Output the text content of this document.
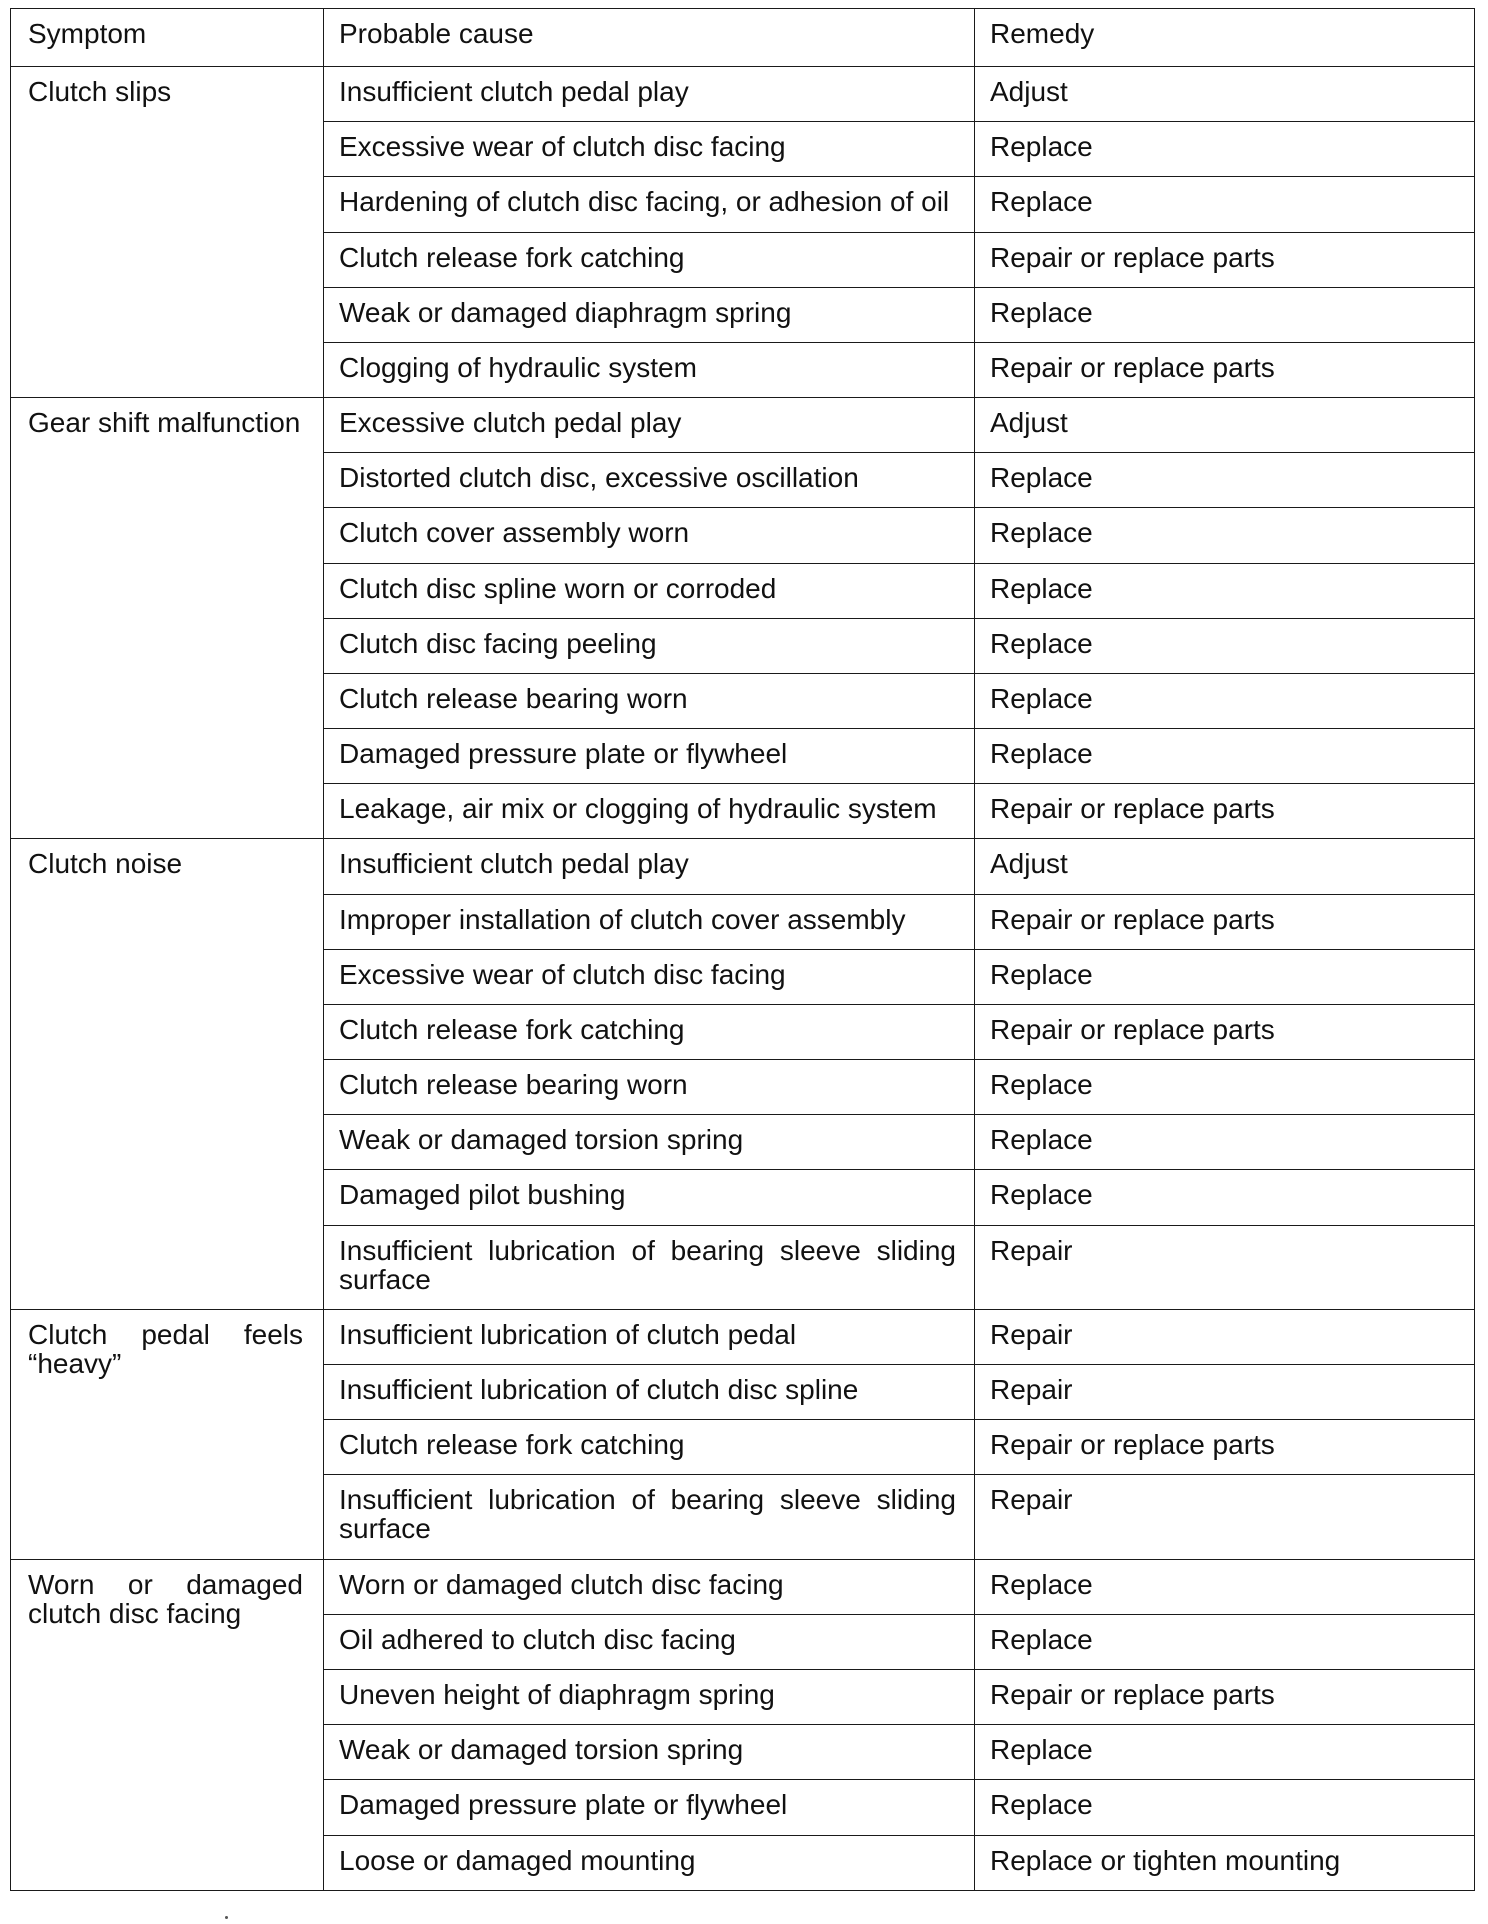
Symptom	Probable cause	Remedy
Clutch slips	Insufficient clutch pedal play	Adjust
	Excessive wear of clutch disc facing	Replace
	Hardening of clutch disc facing, or adhesion of oil	Replace
	Clutch release fork catching	Repair or replace parts
	Weak or damaged diaphragm spring	Replace
	Clogging of hydraulic system	Repair or replace parts
Gear shift malfunction	Excessive clutch pedal play	Adjust
	Distorted clutch disc, excessive oscillation	Replace
	Clutch cover assembly worn	Replace
	Clutch disc spline worn or corroded	Replace
	Clutch disc facing peeling	Replace
	Clutch release bearing worn	Replace
	Damaged pressure plate or flywheel	Replace
	Leakage, air mix or clogging of hydraulic system	Repair or replace parts
Clutch noise	Insufficient clutch pedal play	Adjust
	Improper installation of clutch cover assembly	Repair or replace parts
	Excessive wear of clutch disc facing	Replace
	Clutch release fork catching	Repair or replace parts
	Clutch release bearing worn	Replace
	Weak or damaged torsion spring	Replace
	Damaged pilot bushing	Replace
	Insufficient lubrication of bearing sleeve sliding surface	Repair
Clutch pedal feels “heavy”	Insufficient lubrication of clutch pedal	Repair
	Insufficient lubrication of clutch disc spline	Repair
	Clutch release fork catching	Repair or replace parts
	Insufficient lubrication of bearing sleeve sliding surface	Repair
Worn or damaged clutch disc facing	Worn or damaged clutch disc facing	Replace
	Oil adhered to clutch disc facing	Replace
	Uneven height of diaphragm spring	Repair or replace parts
	Weak or damaged torsion spring	Replace
	Damaged pressure plate or flywheel	Replace
	Loose or damaged mounting	Replace or tighten mounting
